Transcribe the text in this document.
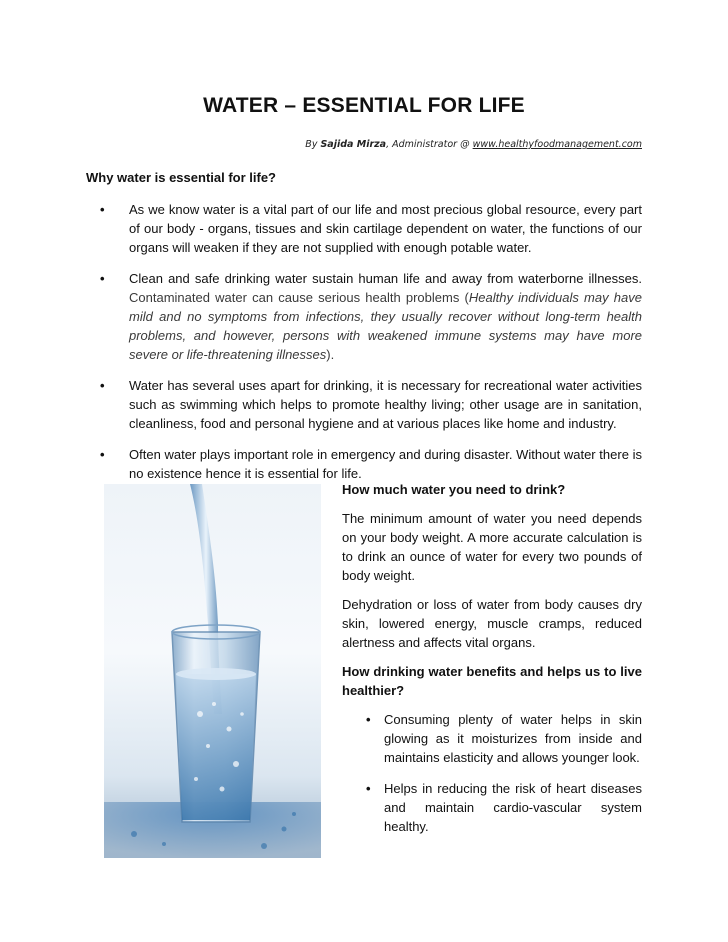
WATER – ESSENTIAL FOR LIFE
By Sajida Mirza, Administrator @ www.healthyfoodmanagement.com
Why water is essential for life?
• As we know water is a vital part of our life and most precious global resource, every part of our body - organs, tissues and skin cartilage dependent on water, the functions of our organs will weaken if they are not supplied with enough potable water.
• Clean and safe drinking water sustain human life and away from waterborne illnesses. Contaminated water can cause serious health problems (Healthy individuals may have mild and no symptoms from infections, they usually recover without long-term health problems, and however, persons with weakened immune systems may have more severe or life-threatening illnesses).
• Water has several uses apart for drinking, it is necessary for recreational water activities such as swimming which helps to promote healthy living; other usage are in sanitation, cleanliness, food and personal hygiene and at various places like home and industry.
• Often water plays important role in emergency and during disaster. Without water there is no existence hence it is essential for life.
How much water you need to drink?

The minimum amount of water you need depends on your body weight. A more accurate calculation is to drink an ounce of water for every two pounds of body weight.

Dehydration or loss of water from body causes dry skin, lowered energy, muscle cramps, reduced alertness and affects vital organs.

How drinking water benefits and helps us to live healthier?
• Consuming plenty of water helps in skin glowing as it moisturizes from inside and maintains elasticity and allows younger look.
• Helps in reducing the risk of heart diseases and maintain cardio-vascular system healthy.
